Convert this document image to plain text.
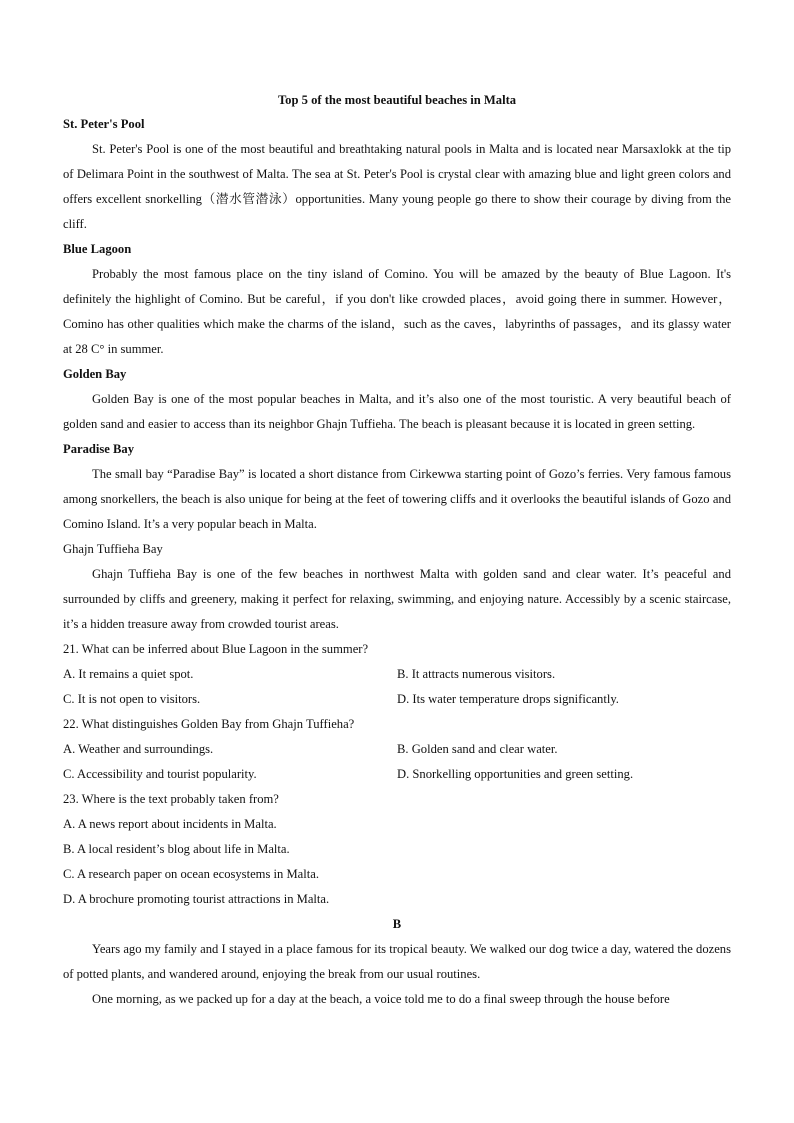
Top 5 of the most beautiful beaches in Malta
St. Peter's Pool

St. Peter's Pool is one of the most beautiful and breathtaking natural pools in Malta and is located near Marsaxlokk at the tip of Delimara Point in the southwest of Malta. The sea at St. Peter's Pool is crystal clear with amazing blue and light green colors and offers excellent snorkelling（潜水管潜泳）opportunities. Many young people go there to show their courage by diving from the cliff.

Blue Lagoon

Probably the most famous place on the tiny island of Comino. You will be amazed by the beauty of Blue Lagoon. It's definitely the highlight of Comino. But be careful，if you don't like crowded places，avoid going there in summer. However，Comino has other qualities which make the charms of the island，such as the caves，labyrinths of passages，and its glassy water at 28 C° in summer.

Golden Bay

Golden Bay is one of the most popular beaches in Malta, and it’s also one of the most touristic. A very beautiful beach of golden sand and easier to access than its neighbor Ghajn Tuffieha. The beach is pleasant because it is located in green setting.

Paradise Bay

The small bay “Paradise Bay” is located a short distance from Cirkewwa starting point of Gozo’s ferries. Very famous famous among snorkellers, the beach is also unique for being at the feet of towering cliffs and it overlooks the beautiful islands of Gozo and Comino Island. It’s a very popular beach in Malta.

Ghajn Tuffieha Bay

Ghajn Tuffieha Bay is one of the few beaches in northwest Malta with golden sand and clear water. It’s peaceful and surrounded by cliffs and greenery, making it perfect for relaxing, swimming, and enjoying nature. Accessibly by a scenic staircase, it’s a hidden treasure away from crowded tourist areas.

21. What can be inferred about Blue Lagoon in the summer?
A. It remains a quiet spot.	B. It attracts numerous visitors.
C. It is not open to visitors.	D. Its water temperature drops significantly.
22. What distinguishes Golden Bay from Ghajn Tuffieha?
A. Weather and surroundings.	B. Golden sand and clear water.
C. Accessibility and tourist popularity.	D. Snorkelling opportunities and green setting.
23. Where is the text probably taken from?
A. A news report about incidents in Malta.
B. A local resident’s blog about life in Malta.
C. A research paper on ocean ecosystems in Malta.
D. A brochure promoting tourist attractions in Malta.
B

Years ago my family and I stayed in a place famous for its tropical beauty. We walked our dog twice a day, watered the dozens of potted plants, and wandered around, enjoying the break from our usual routines.

One morning, as we packed up for a day at the beach, a voice told me to do a final sweep through the house before
